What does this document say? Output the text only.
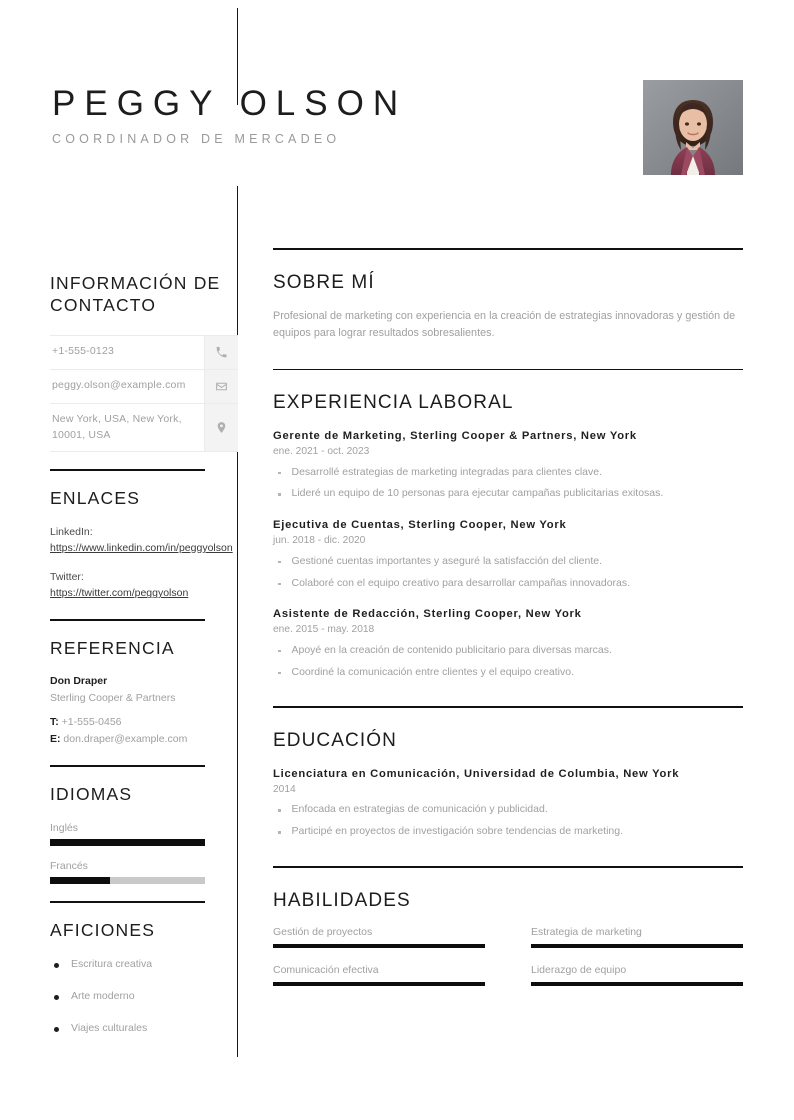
PEGGY OLSON
COORDINADOR DE MERCADEO
INFORMACIÓN DE CONTACTO
+1-555-0123
peggy.olson@example.com
New York, USA, New York, 10001, USA
ENLACES
LinkedIn:
https://www.linkedin.com/in/peggyolson
Twitter:
https://twitter.com/peggyolson
REFERENCIA
Don Draper
Sterling Cooper & Partners
T: +1-555-0456
E: don.draper@example.com
IDIOMAS
Inglés
Francés
AFICIONES
Escritura creativa
Arte moderno
Viajes culturales
SOBRE MÍ

Profesional de marketing con experiencia en la creación de estrategias innovadoras y gestión de equipos para lograr resultados sobresalientes.

EXPERIENCIA LABORAL
Gerente de Marketing, Sterling Cooper & Partners, New York
ene. 2021 - oct. 2023
Desarrollé estrategias de marketing integradas para clientes clave.
Lideré un equipo de 10 personas para ejecutar campañas publicitarias exitosas.
Ejecutiva de Cuentas, Sterling Cooper, New York
jun. 2018 - dic. 2020
Gestioné cuentas importantes y aseguré la satisfacción del cliente.
Colaboré con el equipo creativo para desarrollar campañas innovadoras.
Asistente de Redacción, Sterling Cooper, New York
ene. 2015 - may. 2018
Apoyé en la creación de contenido publicitario para diversas marcas.
Coordiné la comunicación entre clientes y el equipo creativo.
EDUCACIÓN
Licenciatura en Comunicación, Universidad de Columbia, New York
2014
Enfocada en estrategias de comunicación y publicidad.
Participé en proyectos de investigación sobre tendencias de marketing.
HABILIDADES
Gestión de proyectos	Estrategia de marketing
Comunicación efectiva	Liderazgo de equipo
